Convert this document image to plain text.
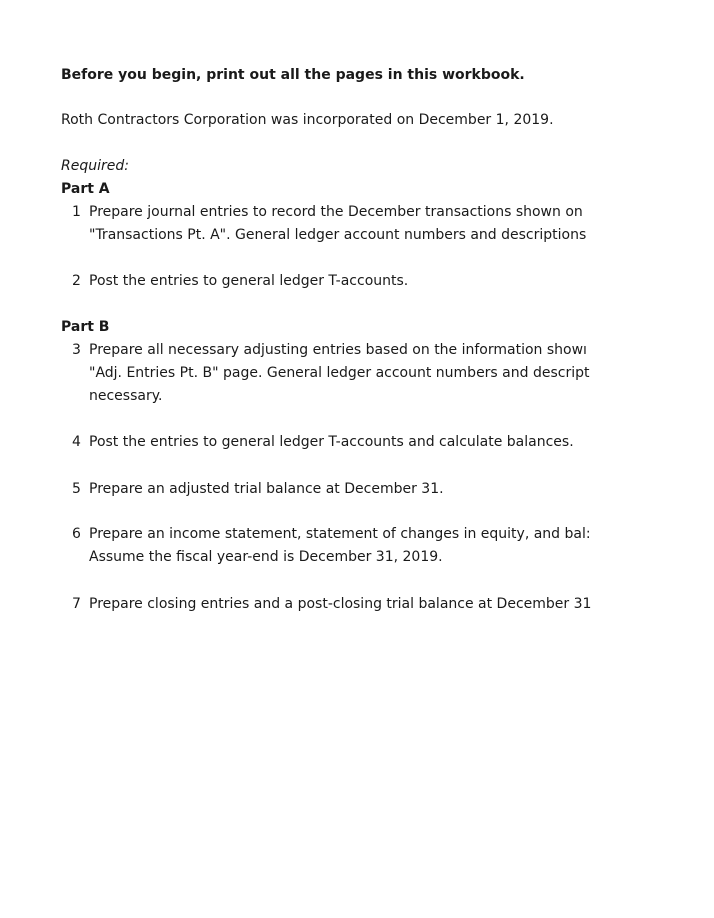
Before you begin, print out all the pages in this workbook.
Roth Contractors Corporation was incorporated on December 1, 2019.
Required:
Part A
1 Prepare journal entries to record the December transactions shown on
"Transactions Pt. A". General ledger account numbers and descriptions
2 Post the entries to general ledger T-accounts.
Part B
3 Prepare all necessary adjusting entries based on the information showı
"Adj. Entries Pt. B" page. General ledger account numbers and descript
necessary.
4 Post the entries to general ledger T-accounts and calculate balances.
5 Prepare an adjusted trial balance at December 31.
6 Prepare an income statement, statement of changes in equity, and bal:
Assume the fiscal year-end is December 31, 2019.
7 Prepare closing entries and a post-closing trial balance at December 31
